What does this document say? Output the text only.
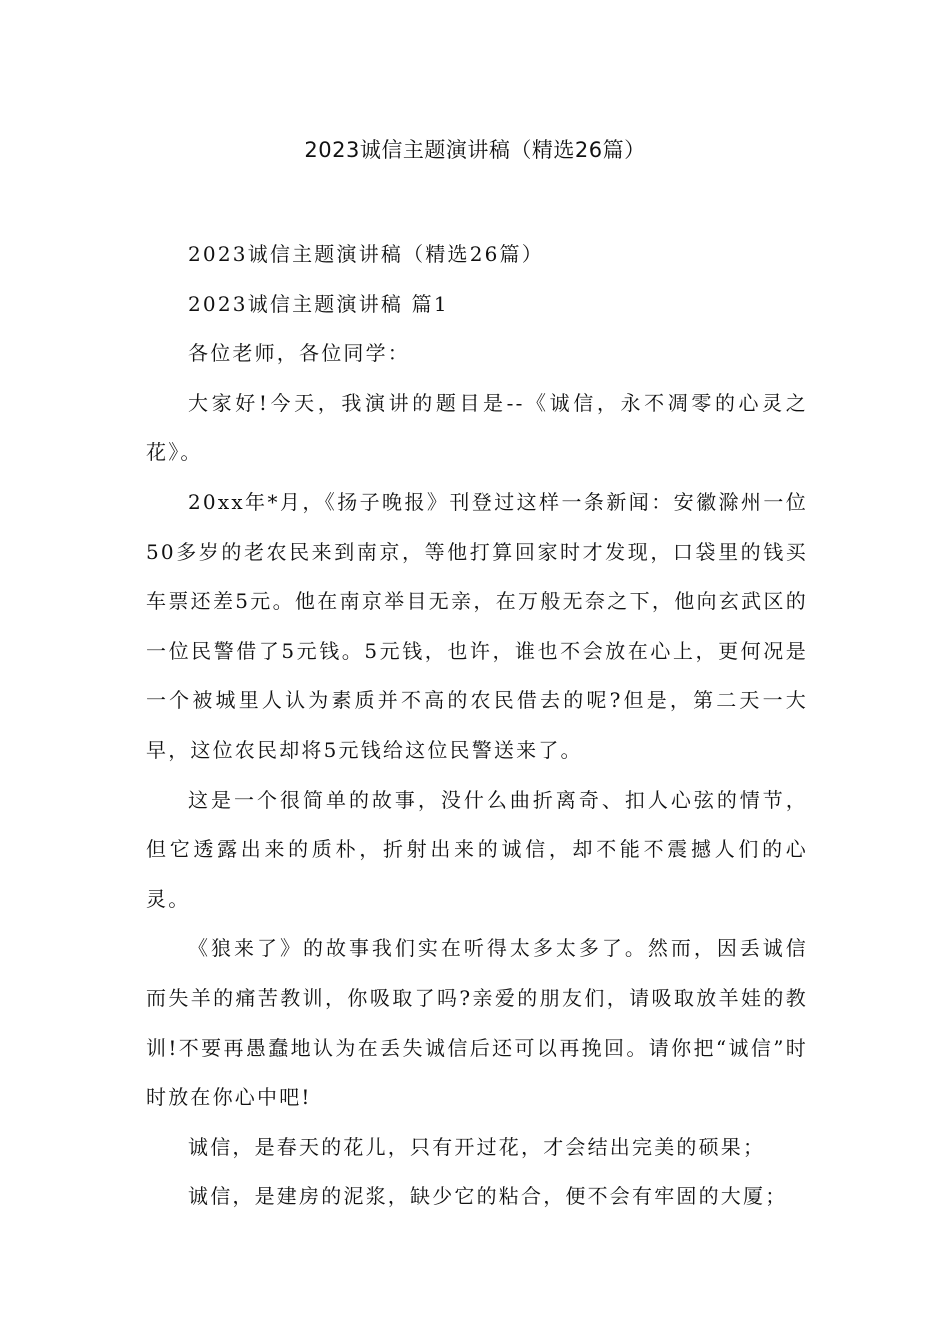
2023诚信主题演讲稿（精选26篇）

2023诚信主题演讲稿（精选26篇）

2023诚信主题演讲稿 篇1

各位老师，各位同学：

大家好!今天，我演讲的题目是--《诚信，永不凋零的心灵之花》。

20xx年*月，《扬子晚报》刊登过这样一条新闻：安徽滁州一位50多岁的老农民来到南京，等他打算回家时才发现，口袋里的钱买车票还差5元。他在南京举目无亲，在万般无奈之下，他向玄武区的一位民警借了5元钱。5元钱，也许，谁也不会放在心上，更何况是一个被城里人认为素质并不高的农民借去的呢?但是，第二天一大早，这位农民却将5元钱给这位民警送来了。

这是一个很简单的故事，没什么曲折离奇、扣人心弦的情节，但它透露出来的质朴，折射出来的诚信，却不能不震撼人们的心灵。

《狼来了》的故事我们实在听得太多太多了。然而，因丢诚信而失羊的痛苦教训，你吸取了吗?亲爱的朋友们，请吸取放羊娃的教训!不要再愚蠢地认为在丢失诚信后还可以再挽回。请你把“诚信”时时放在你心中吧!

诚信，是春天的花儿，只有开过花，才会结出完美的硕果；

诚信，是建房的泥浆，缺少它的粘合，便不会有牢固的大厦；
